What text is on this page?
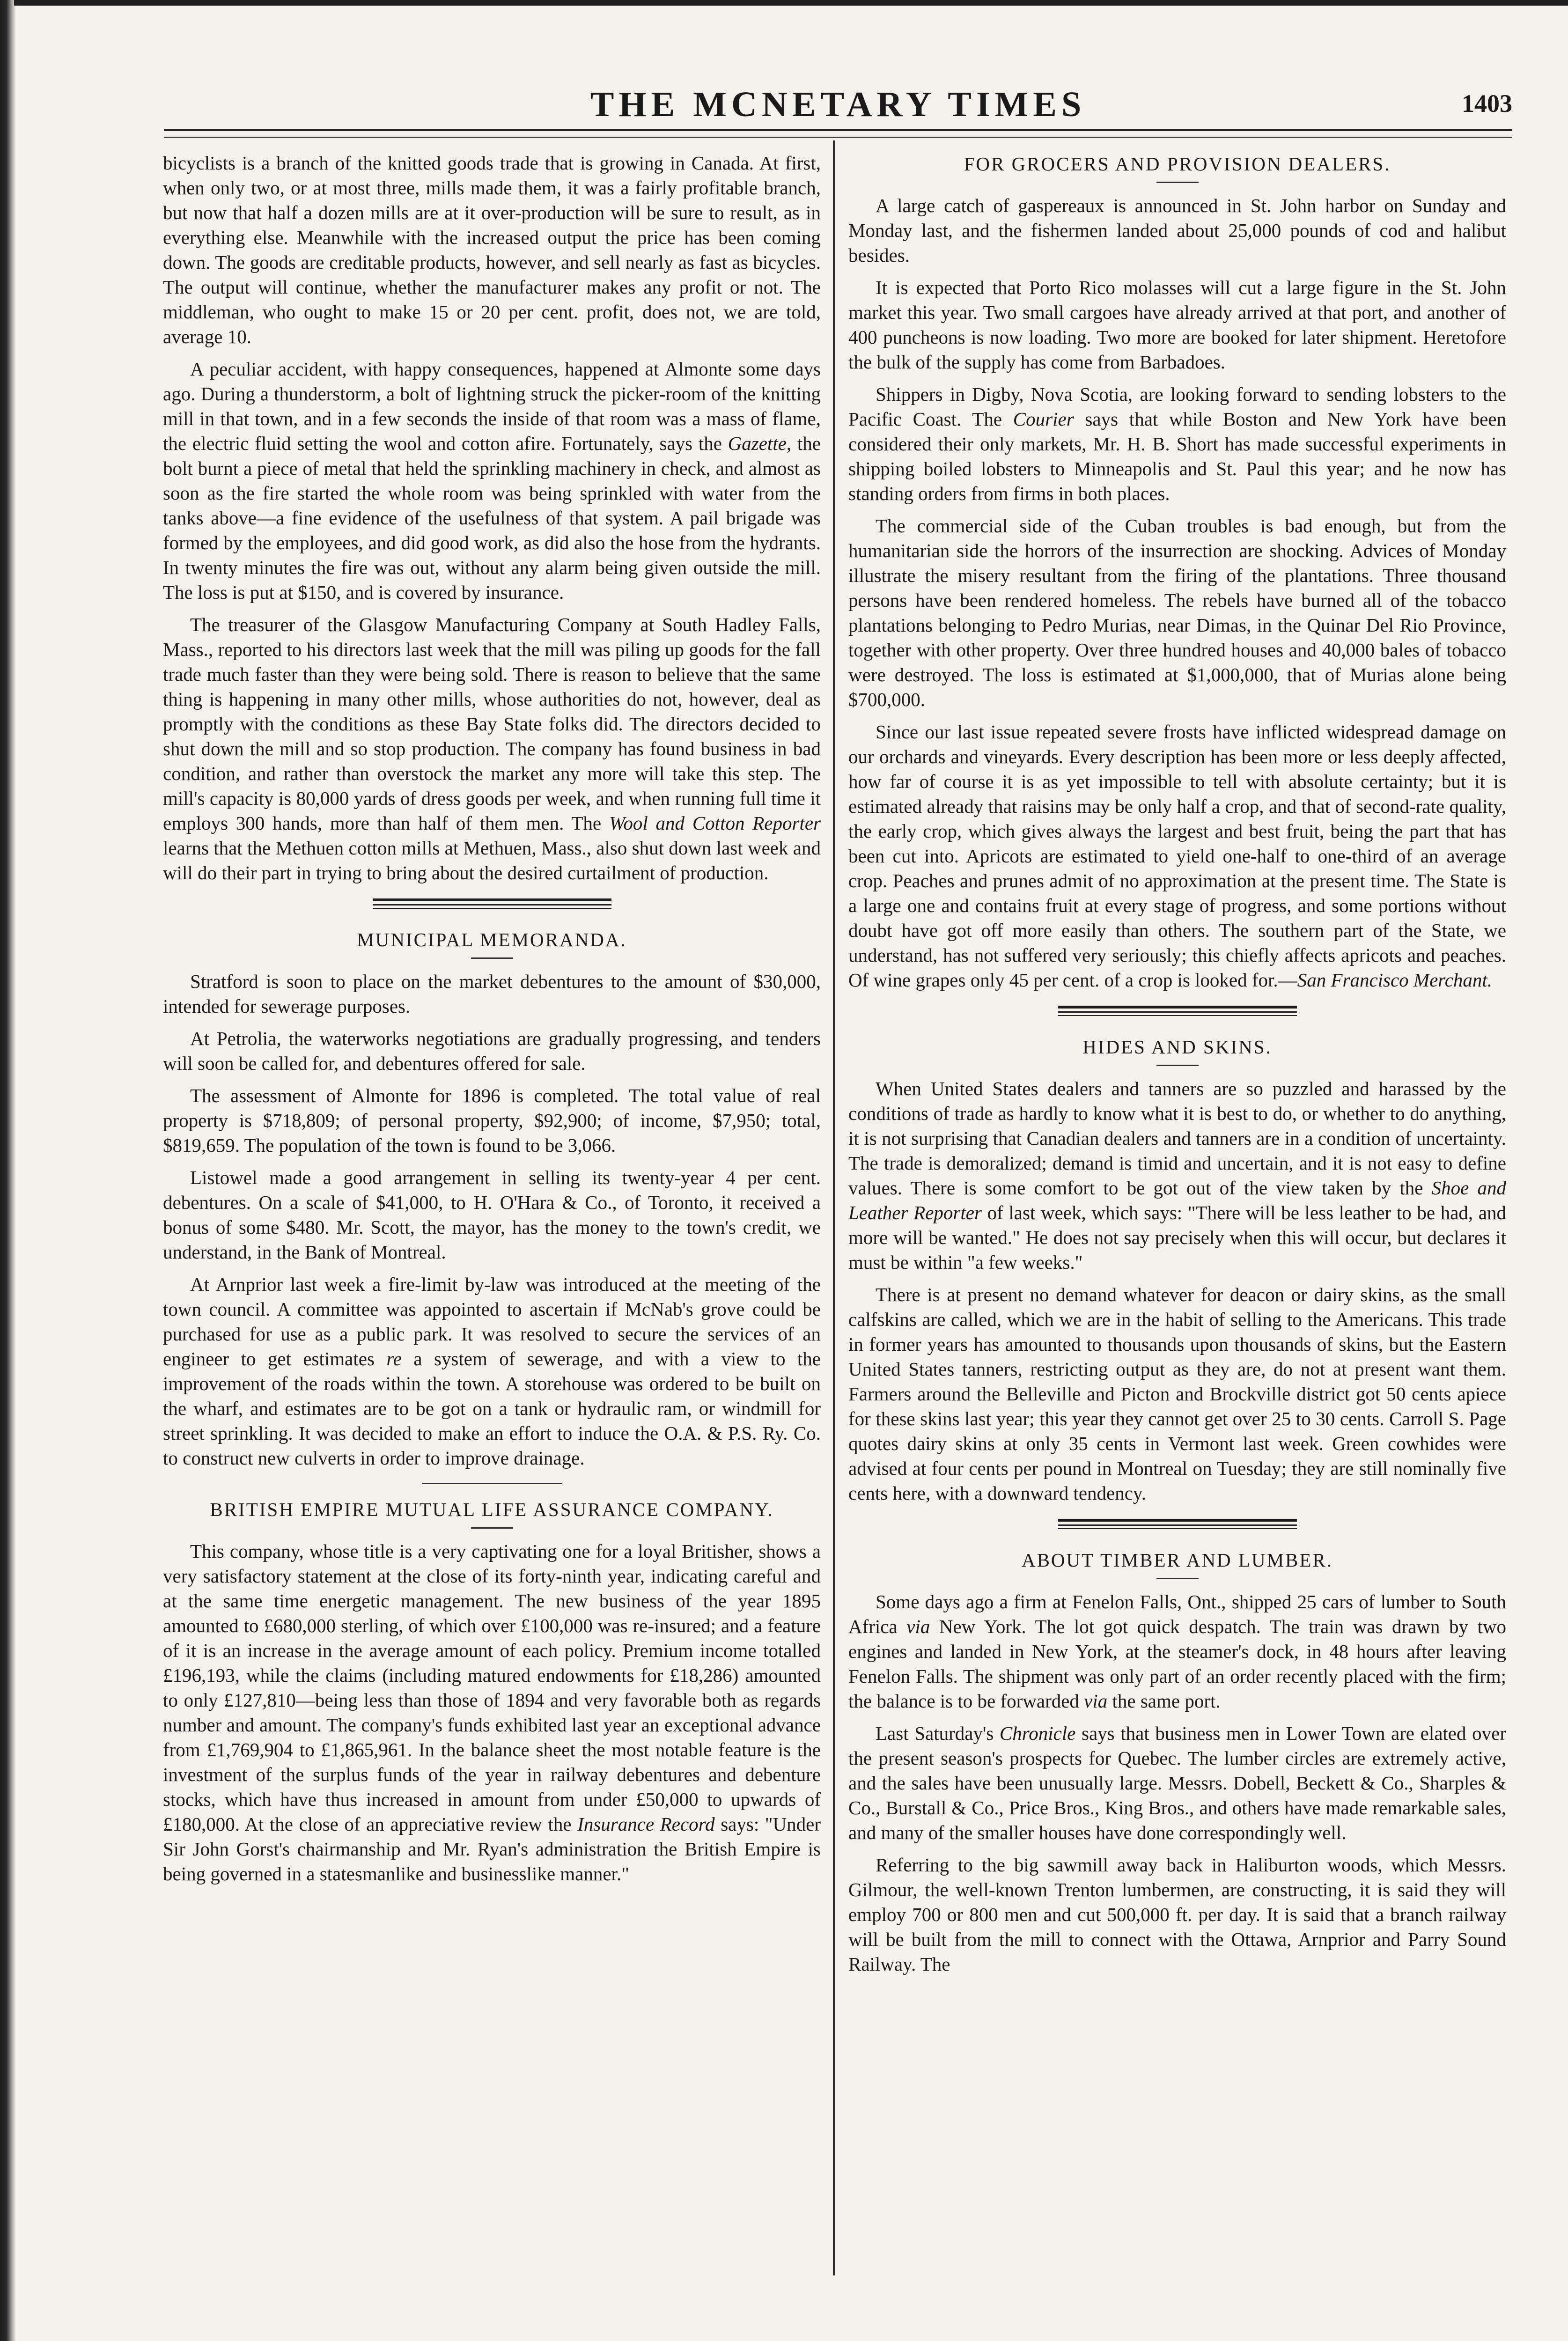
THE MCNETARY TIMES	1403

bicyclists is a branch of the knitted goods trade that is growing in Canada. At first, when only two, or at most three, mills made them, it was a fairly profitable branch, but now that half a dozen mills are at it over-production will be sure to result, as in everything else. Meanwhile with the increased output the price has been coming down. The goods are creditable products, however, and sell nearly as fast as bicycles. The output will continue, whether the manufacturer makes any profit or not. The middleman, who ought to make 15 or 20 per cent. profit, does not, we are told, average 10.

A peculiar accident, with happy consequences, happened at Almonte some days ago. During a thunderstorm, a bolt of lightning struck the picker-room of the knitting mill in that town, and in a few seconds the inside of that room was a mass of flame, the electric fluid setting the wool and cotton afire. Fortunately, says the Gazette, the bolt burnt a piece of metal that held the sprinkling machinery in check, and almost as soon as the fire started the whole room was being sprinkled with water from the tanks above—a fine evidence of the usefulness of that system. A pail brigade was formed by the employees, and did good work, as did also the hose from the hydrants. In twenty minutes the fire was out, without any alarm being given outside the mill. The loss is put at $150, and is covered by insurance.

The treasurer of the Glasgow Manufacturing Company at South Hadley Falls, Mass., reported to his directors last week that the mill was piling up goods for the fall trade much faster than they were being sold. There is reason to believe that the same thing is happening in many other mills, whose authorities do not, however, deal as promptly with the conditions as these Bay State folks did. The directors decided to shut down the mill and so stop production. The company has found business in bad condition, and rather than overstock the market any more will take this step. The mill's capacity is 80,000 yards of dress goods per week, and when running full time it employs 300 hands, more than half of them men. The Wool and Cotton Reporter learns that the Methuen cotton mills at Methuen, Mass., also shut down last week and will do their part in trying to bring about the desired curtailment of production.

MUNICIPAL MEMORANDA.

Stratford is soon to place on the market debentures to the amount of $30,000, intended for sewerage purposes.

At Petrolia, the waterworks negotiations are gradually progressing, and tenders will soon be called for, and debentures offered for sale.

The assessment of Almonte for 1896 is completed. The total value of real property is $718,809; of personal property, $92,900; of income, $7,950; total, $819,659. The population of the town is found to be 3,066.

Listowel made a good arrangement in selling its twenty-year 4 per cent. debentures. On a scale of $41,000, to H. O'Hara & Co., of Toronto, it received a bonus of some $480. Mr. Scott, the mayor, has the money to the town's credit, we understand, in the Bank of Montreal.

At Arnprior last week a fire-limit by-law was introduced at the meeting of the town council. A committee was appointed to ascertain if McNab's grove could be purchased for use as a public park. It was resolved to secure the services of an engineer to get estimates re a system of sewerage, and with a view to the improvement of the roads within the town. A storehouse was ordered to be built on the wharf, and estimates are to be got on a tank or hydraulic ram, or windmill for street sprinkling. It was decided to make an effort to induce the O.A. & P.S. Ry. Co. to construct new culverts in order to improve drainage.

BRITISH EMPIRE MUTUAL LIFE ASSURANCE COMPANY.

This company, whose title is a very captivating one for a loyal Britisher, shows a very satisfactory statement at the close of its forty-ninth year, indicating careful and at the same time energetic management. The new business of the year 1895 amounted to £680,000 sterling, of which over £100,000 was re-insured; and a feature of it is an increase in the average amount of each policy. Premium income totalled £196,193, while the claims (including matured endowments for £18,286) amounted to only £127,810—being less than those of 1894 and very favorable both as regards number and amount. The company's funds exhibited last year an exceptional advance from £1,769,904 to £1,865,961. In the balance sheet the most notable feature is the investment of the surplus funds of the year in railway debentures and debenture stocks, which have thus increased in amount from under £50,000 to upwards of £180,000. At the close of an appreciative review the Insurance Record says: "Under Sir John Gorst's chairmanship and Mr. Ryan's administration the British Empire is being governed in a statesmanlike and businesslike manner."

FOR GROCERS AND PROVISION DEALERS.

A large catch of gaspereaux is announced in St. John harbor on Sunday and Monday last, and the fishermen landed about 25,000 pounds of cod and halibut besides.

It is expected that Porto Rico molasses will cut a large figure in the St. John market this year. Two small cargoes have already arrived at that port, and another of 400 puncheons is now loading. Two more are booked for later shipment. Heretofore the bulk of the supply has come from Barbadoes.

Shippers in Digby, Nova Scotia, are looking forward to sending lobsters to the Pacific Coast. The Courier says that while Boston and New York have been considered their only markets, Mr. H. B. Short has made successful experiments in shipping boiled lobsters to Minneapolis and St. Paul this year; and he now has standing orders from firms in both places.

The commercial side of the Cuban troubles is bad enough, but from the humanitarian side the horrors of the insurrection are shocking. Advices of Monday illustrate the misery resultant from the firing of the plantations. Three thousand persons have been rendered homeless. The rebels have burned all of the tobacco plantations belonging to Pedro Murias, near Dimas, in the Quinar Del Rio Province, together with other property. Over three hundred houses and 40,000 bales of tobacco were destroyed. The loss is estimated at $1,000,000, that of Murias alone being $700,000.

Since our last issue repeated severe frosts have inflicted widespread damage on our orchards and vineyards. Every description has been more or less deeply affected, how far of course it is as yet impossible to tell with absolute certainty; but it is estimated already that raisins may be only half a crop, and that of second-rate quality, the early crop, which gives always the largest and best fruit, being the part that has been cut into. Apricots are estimated to yield one-half to one-third of an average crop. Peaches and prunes admit of no approximation at the present time. The State is a large one and contains fruit at every stage of progress, and some portions without doubt have got off more easily than others. The southern part of the State, we understand, has not suffered very seriously; this chiefly affects apricots and peaches. Of wine grapes only 45 per cent. of a crop is looked for.—San Francisco Merchant.

HIDES AND SKINS.

When United States dealers and tanners are so puzzled and harassed by the conditions of trade as hardly to know what it is best to do, or whether to do anything, it is not surprising that Canadian dealers and tanners are in a condition of uncertainty. The trade is demoralized; demand is timid and uncertain, and it is not easy to define values. There is some comfort to be got out of the view taken by the Shoe and Leather Reporter of last week, which says: "There will be less leather to be had, and more will be wanted." He does not say precisely when this will occur, but declares it must be within "a few weeks."

There is at present no demand whatever for deacon or dairy skins, as the small calfskins are called, which we are in the habit of selling to the Americans. This trade in former years has amounted to thousands upon thousands of skins, but the Eastern United States tanners, restricting output as they are, do not at present want them. Farmers around the Belleville and Picton and Brockville district got 50 cents apiece for these skins last year; this year they cannot get over 25 to 30 cents. Carroll S. Page quotes dairy skins at only 35 cents in Vermont last week. Green cowhides were advised at four cents per pound in Montreal on Tuesday; they are still nominally five cents here, with a downward tendency.

ABOUT TIMBER AND LUMBER.

Some days ago a firm at Fenelon Falls, Ont., shipped 25 cars of lumber to South Africa via New York. The lot got quick despatch. The train was drawn by two engines and landed in New York, at the steamer's dock, in 48 hours after leaving Fenelon Falls. The shipment was only part of an order recently placed with the firm; the balance is to be forwarded via the same port.

Last Saturday's Chronicle says that business men in Lower Town are elated over the present season's prospects for Quebec. The lumber circles are extremely active, and the sales have been unusually large. Messrs. Dobell, Beckett & Co., Sharples & Co., Burstall & Co., Price Bros., King Bros., and others have made remarkable sales, and many of the smaller houses have done correspondingly well.

Referring to the big sawmill away back in Haliburton woods, which Messrs. Gilmour, the well-known Trenton lumbermen, are constructing, it is said they will employ 700 or 800 men and cut 500,000 ft. per day. It is said that a branch railway will be built from the mill to connect with the Ottawa, Arnprior and Parry Sound Railway. The
